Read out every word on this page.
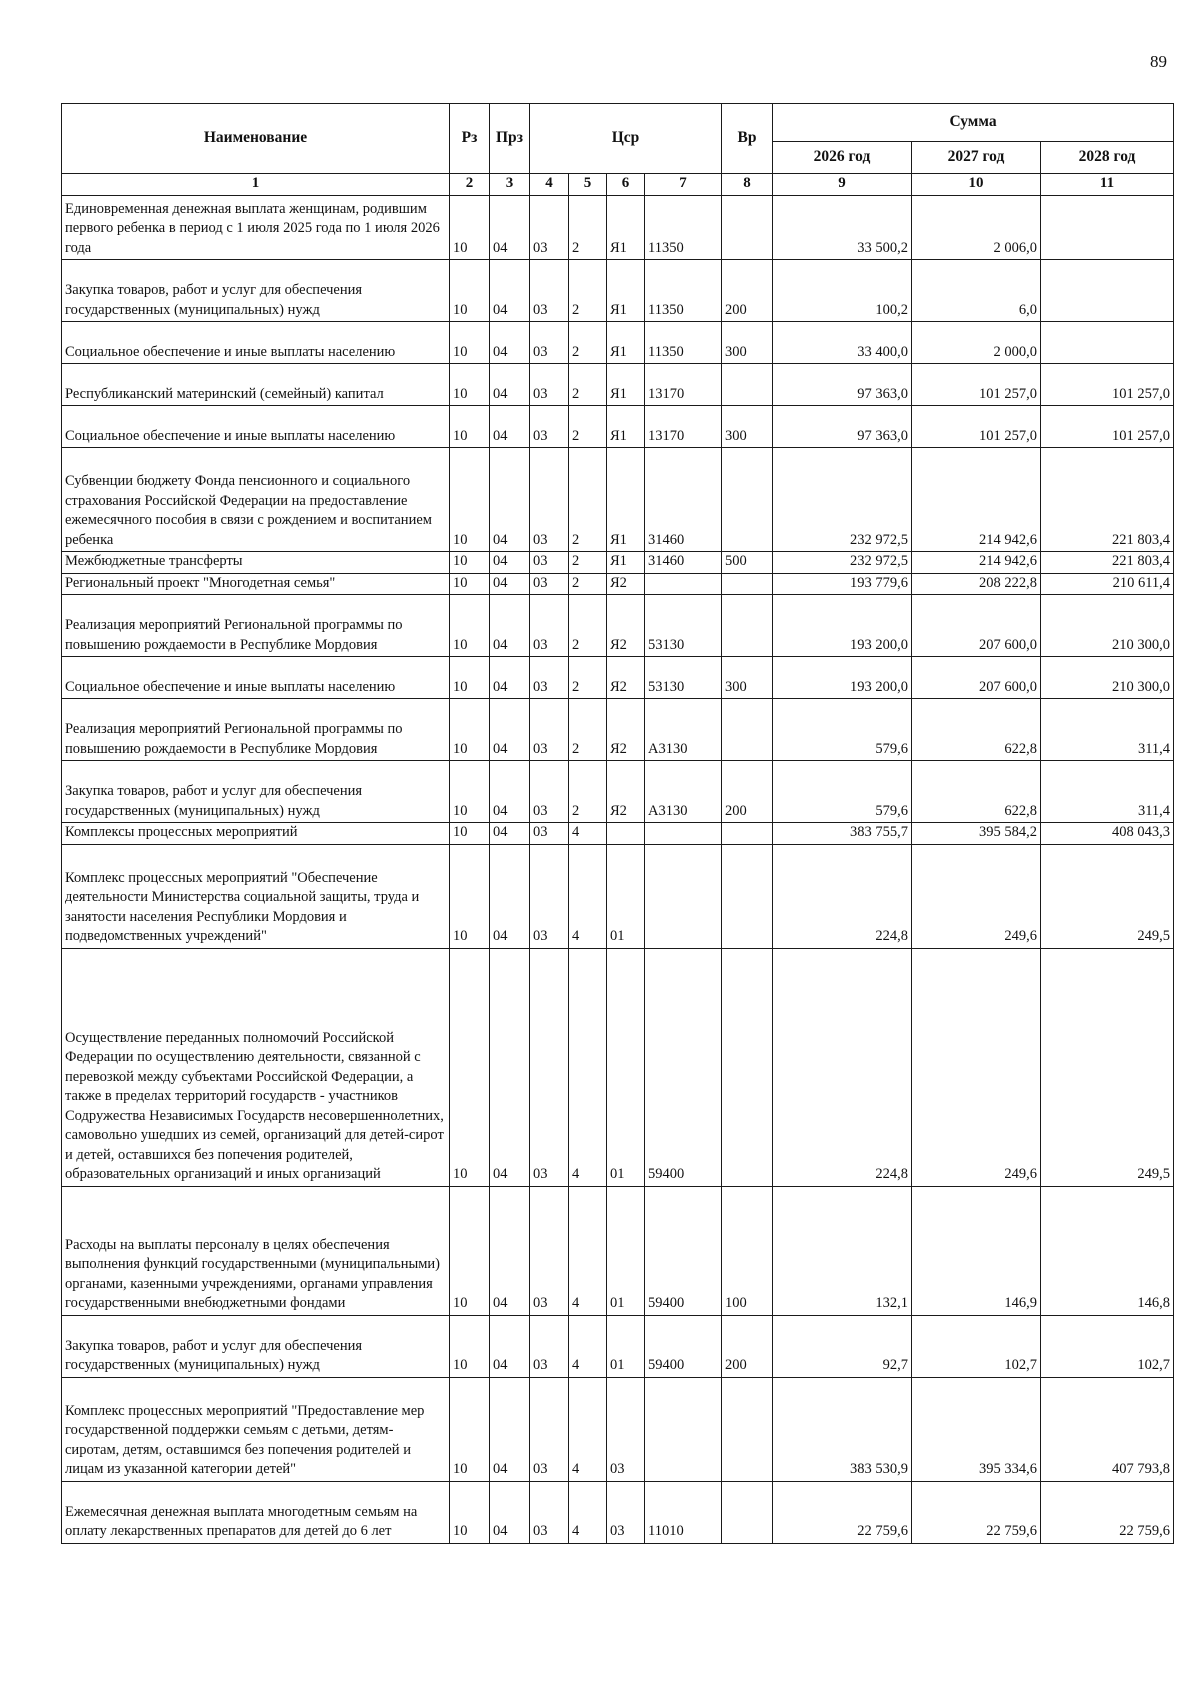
89
Наименование	Рз	Прз	Цср				Вр	Сумма		
								2026 год	2027 год	2028 год
1	2	3	4	5	6	7	8	9	10	11
Единовременная денежная выплата женщинам, родившим первого ребенка в период с 1 июля 2025 года по 1 июля 2026 года	10	04	03	2	Я1	11350		33 500,2	2 006,0	
Закупка товаров, работ и услуг для обеспечения государственных (муниципальных) нужд	10	04	03	2	Я1	11350	200	100,2	6,0	
Социальное обеспечение и иные выплаты населению	10	04	03	2	Я1	11350	300	33 400,0	2 000,0	
Республиканский материнский (семейный) капитал	10	04	03	2	Я1	13170		97 363,0	101 257,0	101 257,0
Социальное обеспечение и иные выплаты населению	10	04	03	2	Я1	13170	300	97 363,0	101 257,0	101 257,0
Субвенции бюджету Фонда пенсионного и социального страхования Российской Федерации на предоставление ежемесячного пособия в связи с рождением и воспитанием ребенка	10	04	03	2	Я1	31460		232 972,5	214 942,6	221 803,4
Межбюджетные трансферты	10	04	03	2	Я1	31460	500	232 972,5	214 942,6	221 803,4
Региональный проект "Многодетная семья"	10	04	03	2	Я2			193 779,6	208 222,8	210 611,4
Реализация мероприятий Региональной программы по повышению рождаемости в Республике Мордовия	10	04	03	2	Я2	53130		193 200,0	207 600,0	210 300,0
Социальное обеспечение и иные выплаты населению	10	04	03	2	Я2	53130	300	193 200,0	207 600,0	210 300,0
Реализация мероприятий Региональной программы по повышению рождаемости в Республике Мордовия	10	04	03	2	Я2	А3130		579,6	622,8	311,4
Закупка товаров, работ и услуг для обеспечения государственных (муниципальных) нужд	10	04	03	2	Я2	А3130	200	579,6	622,8	311,4
Комплексы процессных мероприятий	10	04	03	4				383 755,7	395 584,2	408 043,3
Комплекс процессных мероприятий "Обеспечение деятельности Министерства социальной защиты, труда и занятости населения Республики Мордовия и подведомственных учреждений"	10	04	03	4	01			224,8	249,6	249,5
Осуществление переданных полномочий Российской Федерации по осуществлению деятельности, связанной с перевозкой между субъектами Российской Федерации, а также в пределах территорий государств - участников Содружества Независимых Государств несовершеннолетних, самовольно ушедших из семей, организаций для детей-сирот и детей, оставшихся без попечения родителей, образовательных организаций и иных организаций	10	04	03	4	01	59400		224,8	249,6	249,5
Расходы на выплаты персоналу в целях обеспечения выполнения функций государственными (муниципальными) органами, казенными учреждениями, органами управления государственными внебюджетными фондами	10	04	03	4	01	59400	100	132,1	146,9	146,8
Закупка товаров, работ и услуг для обеспечения государственных (муниципальных) нужд	10	04	03	4	01	59400	200	92,7	102,7	102,7
Комплекс процессных мероприятий "Предоставление мер государственной поддержки семьям с детьми, детям-сиротам, детям, оставшимся без попечения родителей и лицам из указанной категории детей"	10	04	03	4	03			383 530,9	395 334,6	407 793,8
Ежемесячная денежная выплата многодетным семьям на оплату лекарственных препаратов для детей до 6 лет	10	04	03	4	03	11010		22 759,6	22 759,6	22 759,6
